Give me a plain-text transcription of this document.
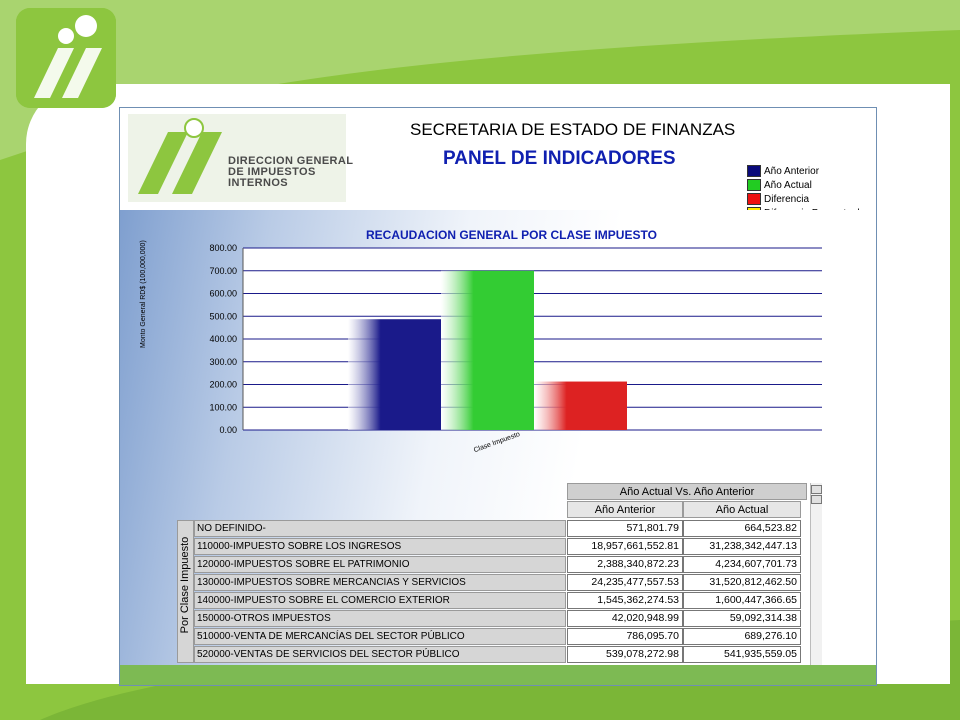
DIRECCION GENERAL
DE IMPUESTOS
INTERNOS
SECRETARIA DE ESTADO DE FINANZAS
PANEL DE INDICADORES
Año Anterior
Año Actual
Diferencia
RECAUDACION GENERAL POR CLASE IMPUESTO
Monto General RD$ (100,000,000)
0.00
100.00
200.00
300.00
400.00
500.00
600.00
700.00
800.00
Clase Impuesto
Año Actual Vs. Año Anterior
Año Anterior	Año Actual
Por Clase Impuesto
NO DEFINIDO-	571,801.79	664,523.82
110000-IMPUESTO SOBRE LOS INGRESOS	18,957,661,552.81	31,238,342,447.13
120000-IMPUESTOS SOBRE EL PATRIMONIO	2,388,340,872.23	4,234,607,701.73
130000-IMPUESTOS SOBRE MERCANCIAS Y SERVICIOS	24,235,477,557.53	31,520,812,462.50
140000-IMPUESTO SOBRE EL COMERCIO EXTERIOR	1,545,362,274.53	1,600,447,366.65
150000-OTROS IMPUESTOS	42,020,948.99	59,092,314.38
510000-VENTA DE MERCANCÍAS DEL SECTOR PÚBLICO	786,095.70	689,276.10
520000-VENTAS DE SERVICIOS DEL SECTOR PÚBLICO	539,078,272.98	541,935,559.05
